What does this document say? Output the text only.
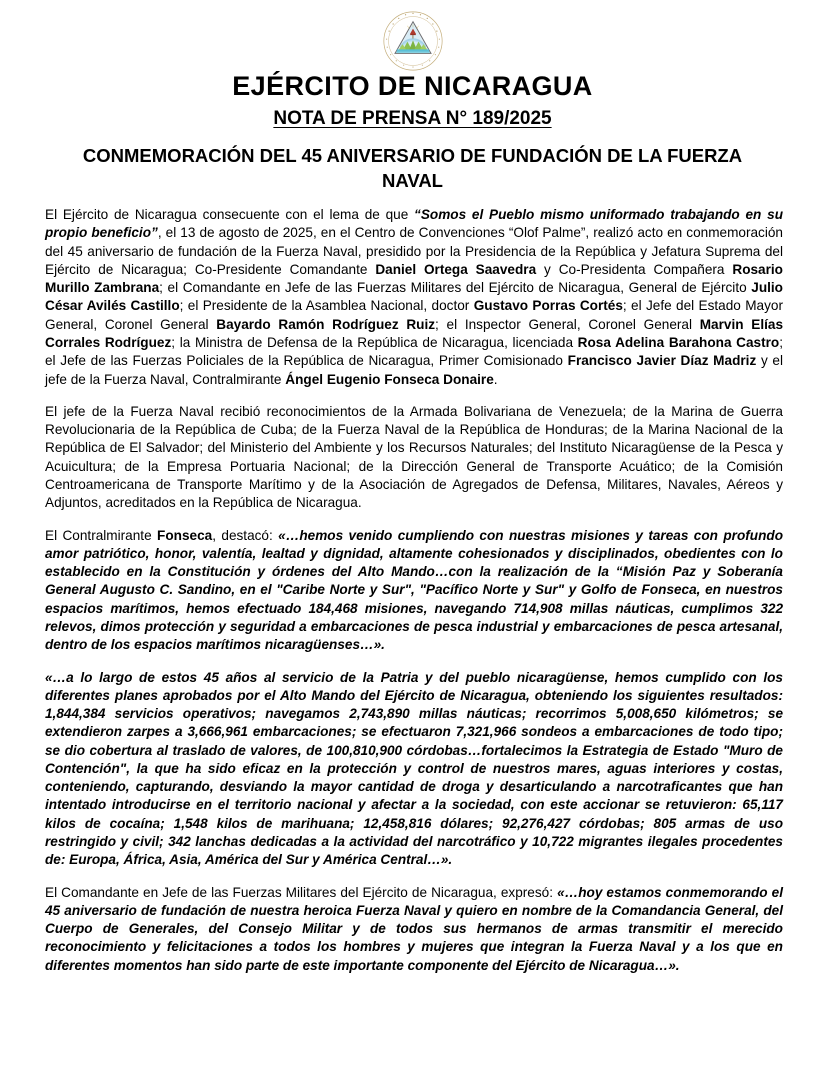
EJÉRCITO DE NICARAGUA
NOTA DE PRENSA N° 189/2025
CONMEMORACIÓN DEL 45 ANIVERSARIO DE FUNDACIÓN DE LA FUERZA NAVAL

El Ejército de Nicaragua consecuente con el lema de que “Somos el Pueblo mismo uniformado trabajando en su propio beneficio”, el 13 de agosto de 2025, en el Centro de Convenciones “Olof Palme”, realizó acto en conmemoración del 45 aniversario de fundación de la Fuerza Naval, presidido por la Presidencia de la República y Jefatura Suprema del Ejército de Nicaragua; Co-Presidente Comandante Daniel Ortega Saavedra y Co-Presidenta Compañera Rosario Murillo Zambrana; el Comandante en Jefe de las Fuerzas Militares del Ejército de Nicaragua, General de Ejército Julio César Avilés Castillo; el Presidente de la Asamblea Nacional, doctor Gustavo Porras Cortés; el Jefe del Estado Mayor General, Coronel General Bayardo Ramón Rodríguez Ruiz; el Inspector General, Coronel General Marvin Elías Corrales Rodríguez; la Ministra de Defensa de la República de Nicaragua, licenciada Rosa Adelina Barahona Castro; el Jefe de las Fuerzas Policiales de la República de Nicaragua, Primer Comisionado Francisco Javier Díaz Madriz y el jefe de la Fuerza Naval, Contralmirante Ángel Eugenio Fonseca Donaire.

El jefe de la Fuerza Naval recibió reconocimientos de la Armada Bolivariana de Venezuela; de la Marina de Guerra Revolucionaria de la República de Cuba; de la Fuerza Naval de la República de Honduras; de la Marina Nacional de la República de El Salvador; del Ministerio del Ambiente y los Recursos Naturales; del Instituto Nicaragüense de la Pesca y Acuicultura; de la Empresa Portuaria Nacional; de la Dirección General de Transporte Acuático; de la Comisión Centroamericana de Transporte Marítimo y de la Asociación de Agregados de Defensa, Militares, Navales, Aéreos y Adjuntos, acreditados en la República de Nicaragua.

El Contralmirante Fonseca, destacó: «…hemos venido cumpliendo con nuestras misiones y tareas con profundo amor patriótico, honor, valentía, lealtad y dignidad, altamente cohesionados y disciplinados, obedientes con lo establecido en la Constitución y órdenes del Alto Mando…con la realización de la “Misión Paz y Soberanía General Augusto C. Sandino, en el "Caribe Norte y Sur", "Pacífico Norte y Sur" y Golfo de Fonseca, en nuestros espacios marítimos, hemos efectuado 184,468 misiones, navegando 714,908 millas náuticas, cumplimos 322 relevos, dimos protección y seguridad a embarcaciones de pesca industrial y embarcaciones de pesca artesanal, dentro de los espacios marítimos nicaragüenses…».

«…a lo largo de estos 45 años al servicio de la Patria y del pueblo nicaragüense, hemos cumplido con los diferentes planes aprobados por el Alto Mando del Ejército de Nicaragua, obteniendo los siguientes resultados: 1,844,384 servicios operativos; navegamos 2,743,890 millas náuticas; recorrimos 5,008,650 kilómetros; se extendieron zarpes a 3,666,961 embarcaciones; se efectuaron 7,321,966 sondeos a embarcaciones de todo tipo; se dio cobertura al traslado de valores, de 100,810,900 córdobas…fortalecimos la Estrategia de Estado "Muro de Contención", la que ha sido eficaz en la protección y control de nuestros mares, aguas interiores y costas, conteniendo, capturando, desviando la mayor cantidad de droga y desarticulando a narcotraficantes que han intentado introducirse en el territorio nacional y afectar a la sociedad, con este accionar se retuvieron: 65,117 kilos de cocaína; 1,548 kilos de marihuana; 12,458,816 dólares; 92,276,427 córdobas; 805 armas de uso restringido y civil; 342 lanchas dedicadas a la actividad del narcotráfico y 10,722 migrantes ilegales procedentes de: Europa, África, Asia, América del Sur y América Central…».

El Comandante en Jefe de las Fuerzas Militares del Ejército de Nicaragua, expresó: «…hoy estamos conmemorando el 45 aniversario de fundación de nuestra heroica Fuerza Naval y quiero en nombre de la Comandancia General, del Cuerpo de Generales, del Consejo Militar y de todos sus hermanos de armas transmitir el merecido reconocimiento y felicitaciones a todos los hombres y mujeres que integran la Fuerza Naval y a los que en diferentes momentos han sido parte de este importante componente del Ejército de Nicaragua…».
